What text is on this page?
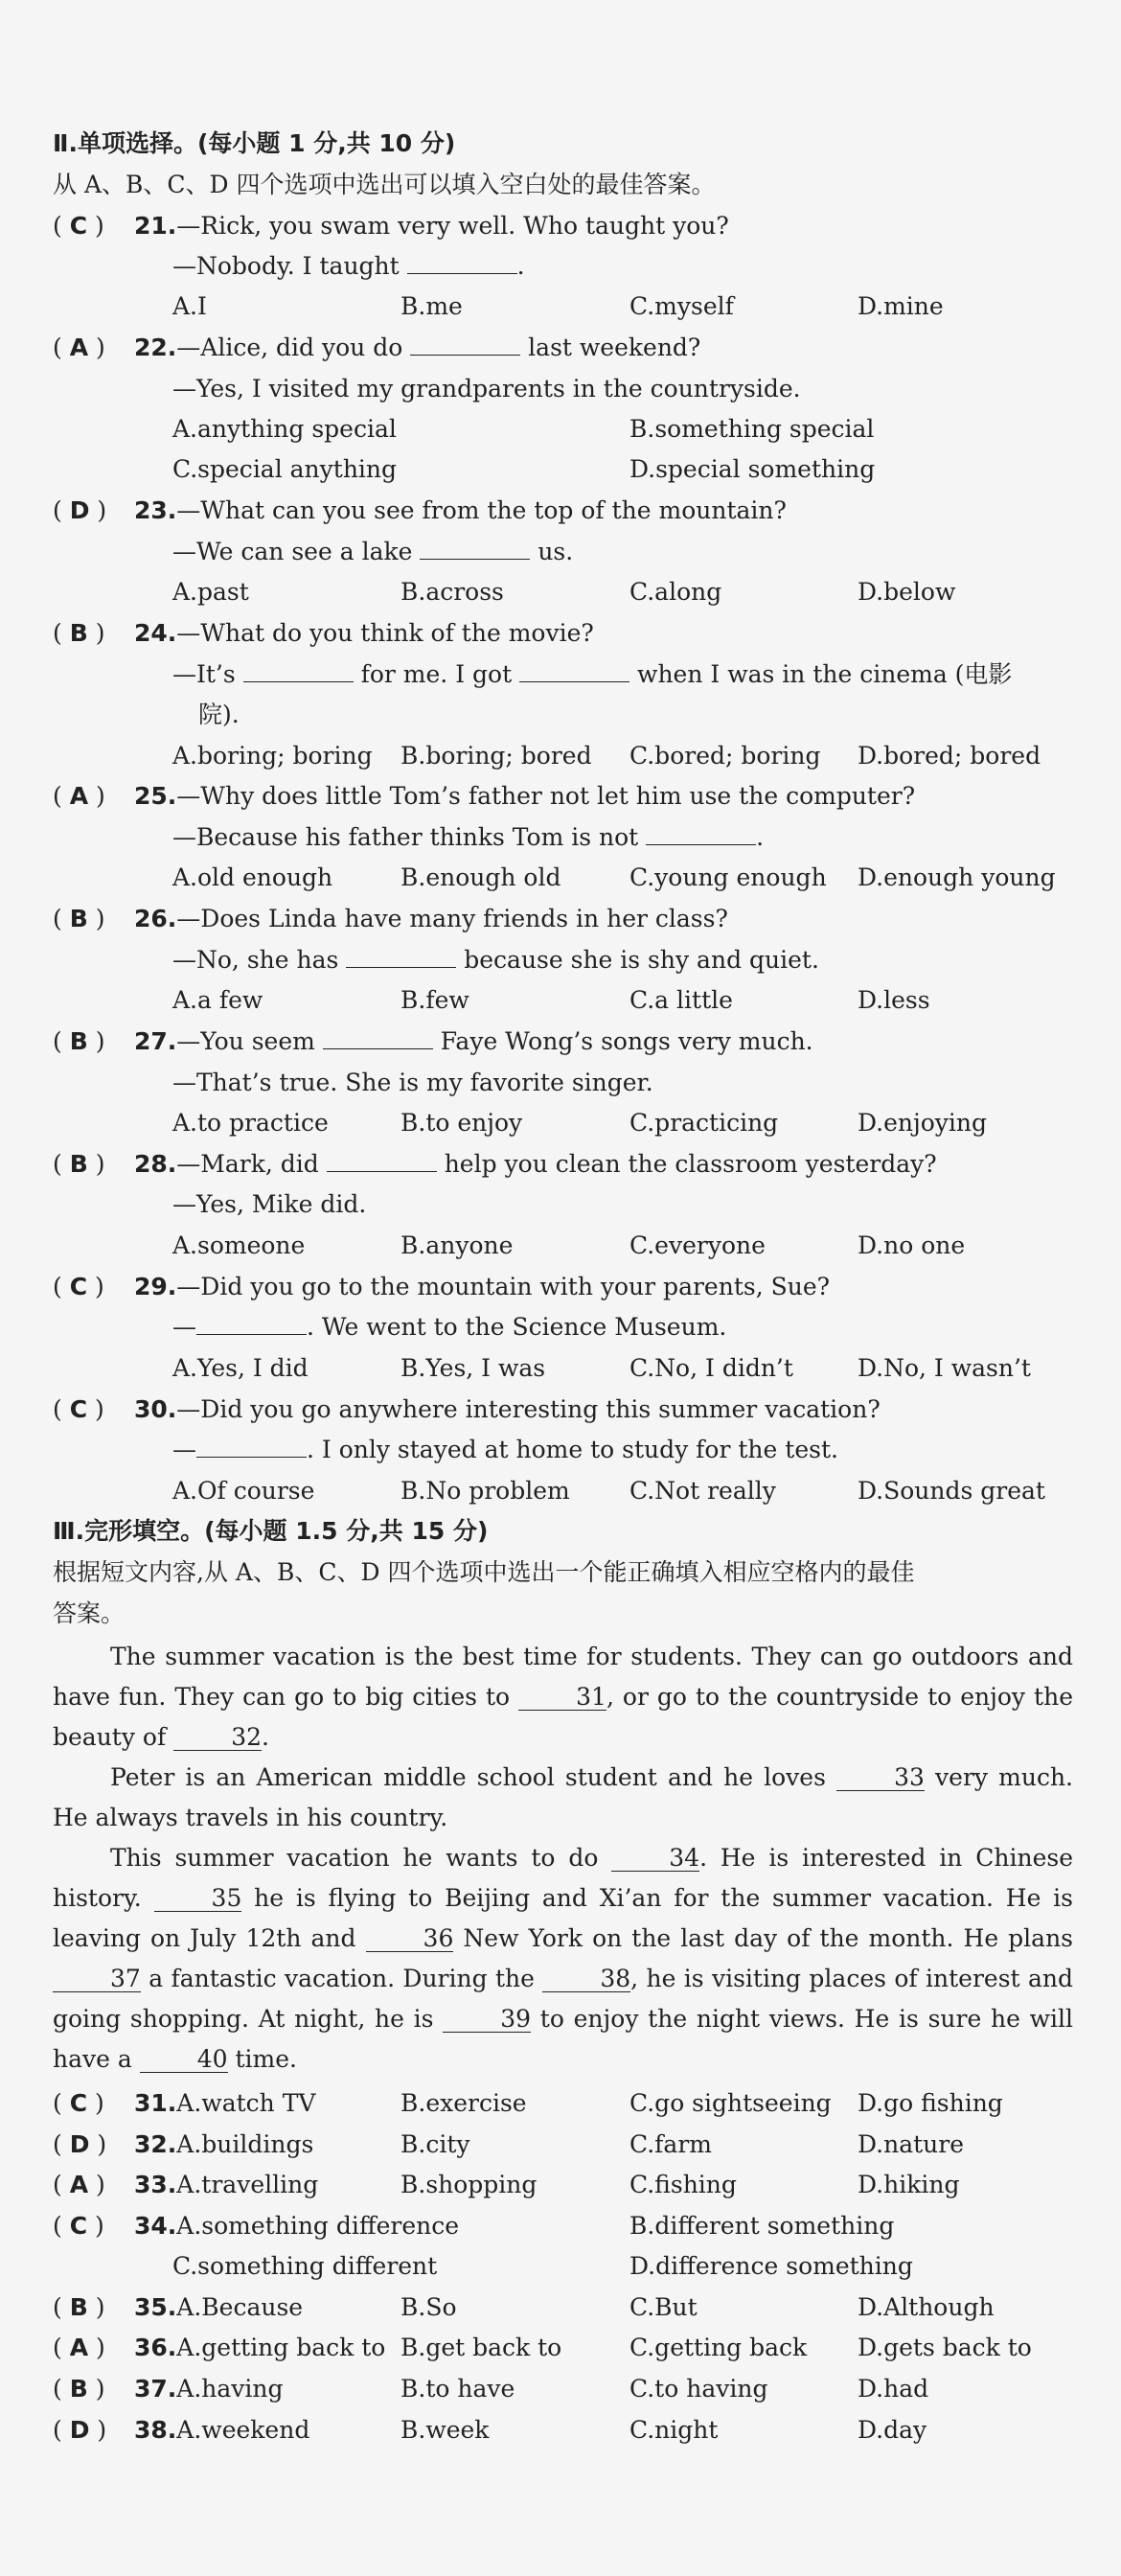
Ⅱ.单项选择。(每小题 1 分,共 10 分)
从 A、B、C、D 四个选项中选出可以填入空白处的最佳答案。
( C ) 21.—Rick, you swam very well. Who taught you?
—Nobody. I taught	.
A.I	B.me	C.myself	D.mine
( A ) 22.—Alice, did you do	last weekend?
—Yes, I visited my grandparents in the countryside.
A.anything special	B.something special
C.special anything	D.special something
( D ) 23.—What can you see from the top of the mountain?
—We can see a lake	us.
A.past	B.across	C.along	D.below
( B ) 24.—What do you think of the movie?
—It’s	for me. I got	when I was in the cinema (电影
院).
A.boring; boring B.boring; bored C.bored; boring D.bored; bored
( A ) 25.—Why does little Tom’s father not let him use the computer?
—Because his father thinks Tom is not	.
A.old enough	B.enough old	C.young enough D.enough young
( B ) 26.—Does Linda have many friends in her class?
—No, she has	because she is shy and quiet.
A.a few	B.few	C.a little	D.less
( B ) 27.—You seem	Faye Wong’s songs very much.
—That’s true. She is my favorite singer.
A.to practice	B.to enjoy	C.practicing	D.enjoying
( B ) 28.—Mark, did	help you clean the classroom yesterday?
—Yes, Mike did.
A.someone	B.anyone	C.everyone	D.no one
( C ) 29.—Did you go to the mountain with your parents, Sue?
—	. We went to the Science Museum.
A.Yes, I did	B.Yes, I was	C.No, I didn’t	D.No, I wasn’t
( C ) 30.—Did you go anywhere interesting this summer vacation?
—	. I only stayed at home to study for the test.
A.Of course	B.No problem C.Not really	D.Sounds great
Ⅲ.完形填空。(每小题 1.5 分,共 15 分)
根据短文内容,从 A、B、C、D 四个选项中选出一个能正确填入相应空格内的最佳
答案。
The summer vacation is the best time for students. They can go outdoors and have fun. They can go to big cities to	31, or go to the countryside to enjoy the beauty of	32.
Peter is an American middle school student and he loves	33 very much. He always travels in his country.
This summer vacation he wants to do	34. He is interested in Chinese history.	35 he is flying to Beijing and Xi’an for the summer vacation. He is leaving on July 12th and	36 New York on the last day of the month. He plans 37 a fantastic vacation. During the	38, he is visiting places of interest and going shopping. At night, he is	39 to enjoy the night views. He is sure he will have a	40 time.
( C ) 31.A.watch TV	B.exercise	C.go sightseeing D.go fishing
( D ) 32.A.buildings	B.city	C.farm	D.nature
( A ) 33.A.travelling	B.shopping	C.fishing	D.hiking
( C ) 34.A.something difference	B.different something
C.something different	D.difference something
( B ) 35.A.Because	B.So	C.But	D.Although
( A ) 36.A.getting back to B.get back to	C.getting back D.gets back to
( B ) 37.A.having	B.to have	C.to having	D.had
( D ) 38.A.weekend	B.week	C.night	D.day
